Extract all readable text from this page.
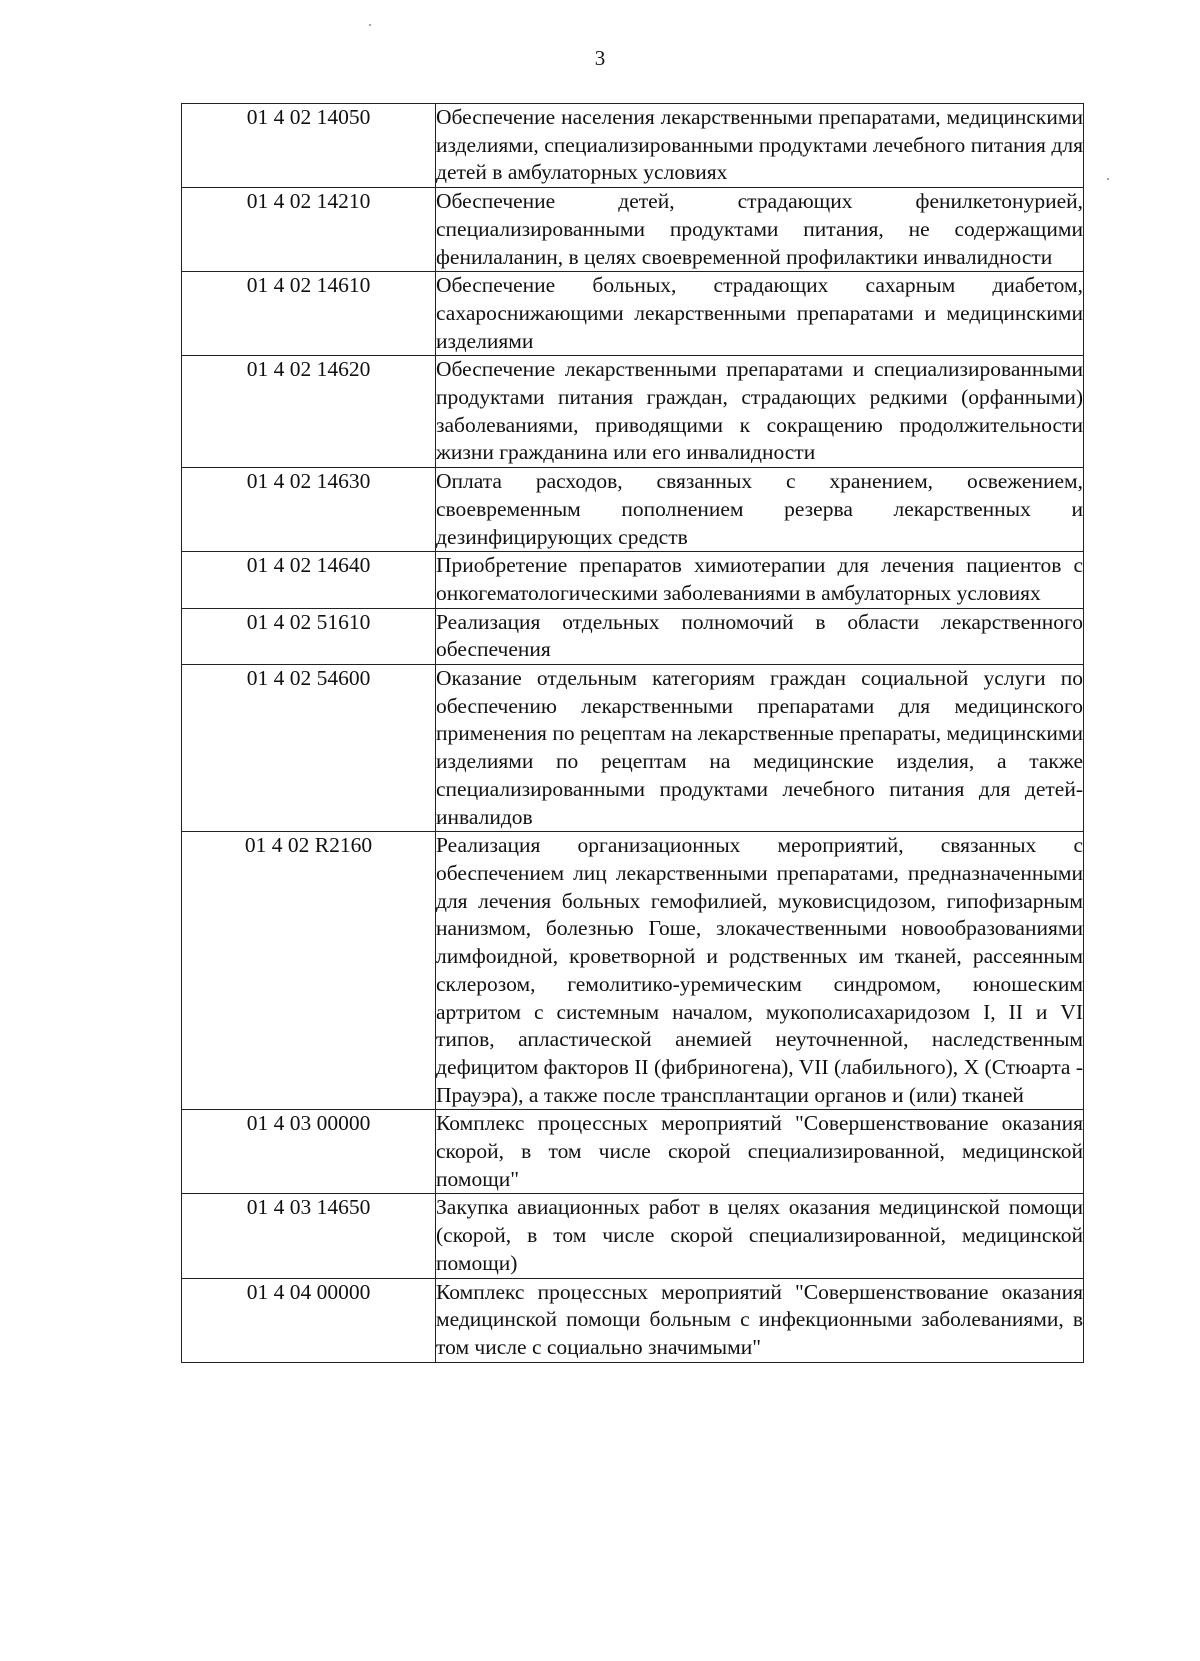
3
01 4 02 14050	Обеспечение населения лекарственными препаратами, медицинскими изделиями, специализированными продуктами лечебного питания для детей в амбулаторных условиях
01 4 02 14210	Обеспечение детей, страдающих фенилкетонурией, специализированными продуктами питания, не содержащими фенилаланин, в целях своевременной профилактики инвалидности
01 4 02 14610	Обеспечение больных, страдающих сахарным диабетом, сахароснижающими лекарственными препаратами и медицинскими изделиями
01 4 02 14620	Обеспечение лекарственными препаратами и специализированными продуктами питания граждан, страдающих редкими (орфанными) заболеваниями, приводящими к сокращению продолжительности жизни гражданина или его инвалидности
01 4 02 14630	Оплата расходов, связанных с хранением, освежением, своевременным пополнением резерва лекарственных и дезинфицирующих средств
01 4 02 14640	Приобретение препаратов химиотерапии для лечения пациентов с онкогематологическими заболеваниями в амбулаторных условиях
01 4 02 51610	Реализация отдельных полномочий в области лекарственного обеспечения
01 4 02 54600	Оказание отдельным категориям граждан социальной услуги по обеспечению лекарственными препаратами для медицинского применения по рецептам на лекарственные препараты, медицинскими изделиями по рецептам на медицинские изделия, а также специализированными продуктами лечебного питания для детей-инвалидов
01 4 02 R2160	Реализация организационных мероприятий, связанных с обеспечением лиц лекарственными препаратами, предназначенными для лечения больных гемофилией, муковисцидозом, гипофизарным нанизмом, болезнью Гоше, злокачественными новообразованиями лимфоидной, кроветворной и родственных им тканей, рассеянным склерозом, гемолитико-уремическим синдромом, юношеским артритом с системным началом, мукополисахаридозом I, II и VI типов, апластической анемией неуточненной, наследственным дефицитом факторов II (фибриногена), VII (лабильного), X (Стюарта - Прауэра), а также после трансплантации органов и (или) тканей
01 4 03 00000	Комплекс процессных мероприятий "Совершенствование оказания скорой, в том числе скорой специализированной, медицинской помощи"
01 4 03 14650	Закупка авиационных работ в целях оказания медицинской помощи (скорой, в том числе скорой специализированной, медицинской помощи)
01 4 04 00000	Комплекс процессных мероприятий "Совершенствование оказания медицинской помощи больным с инфекционными заболеваниями, в том числе с социально значимыми"
